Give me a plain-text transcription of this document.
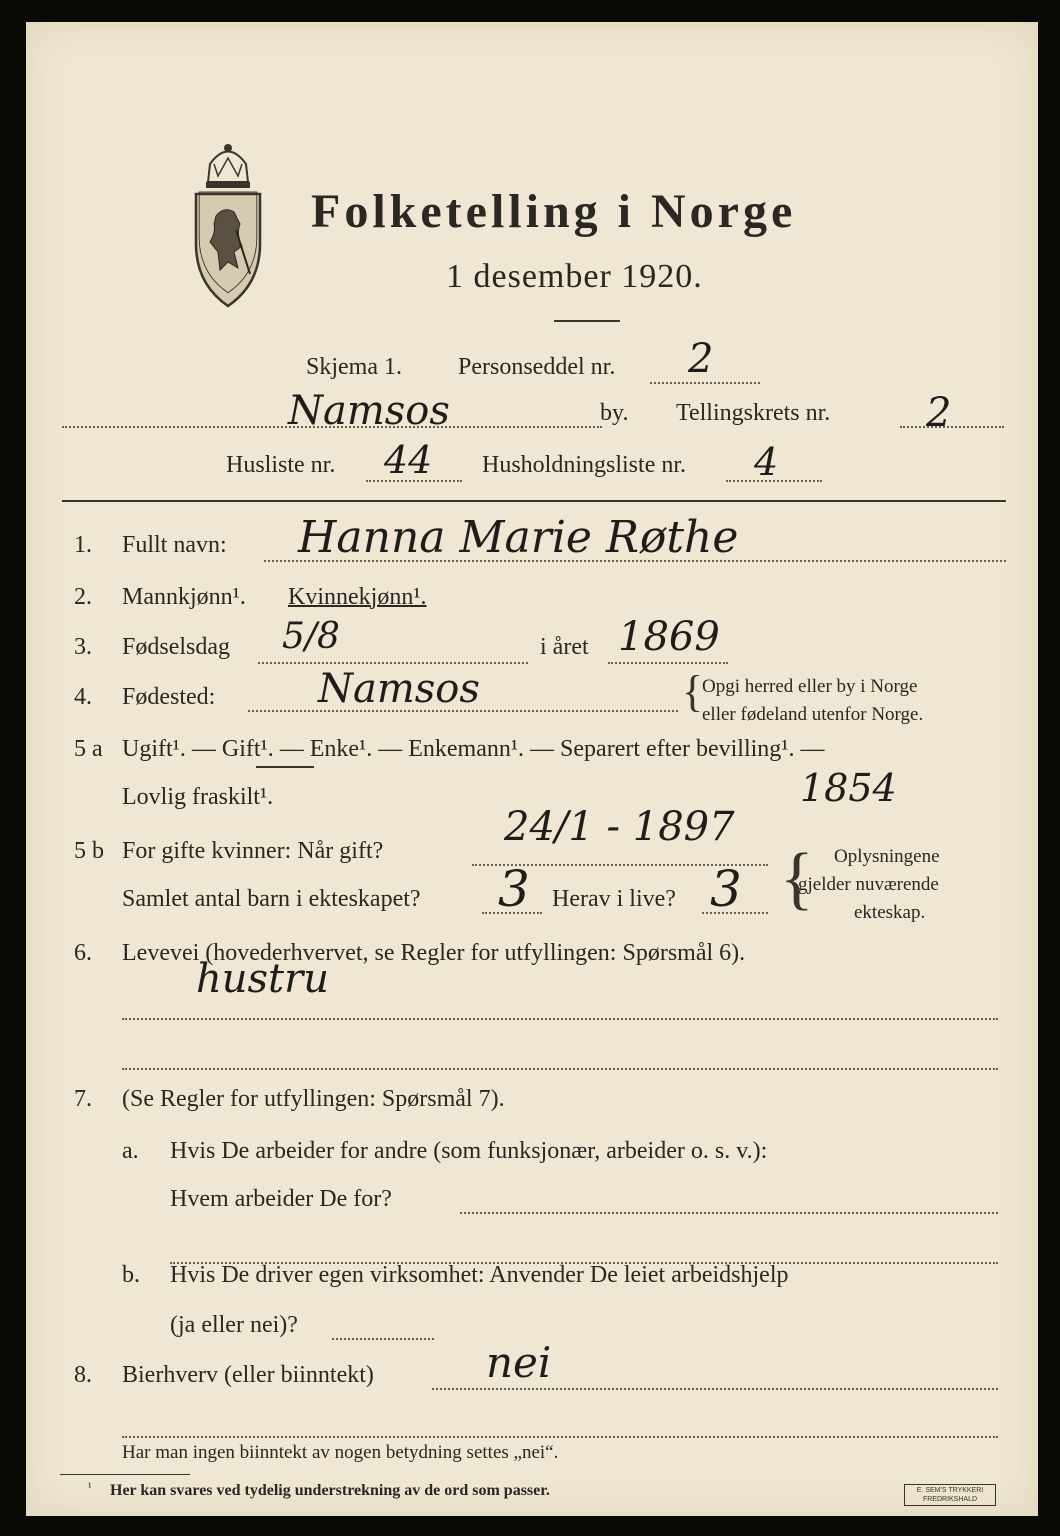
Folketelling i Norge
1 desember 1920.
Skjema 1. Personseddel nr. 2
Namsos	by. Tellingskrets nr. 2
Husliste nr. 44 Husholdningsliste nr. 4
1. Fullt navn: Hanna Marie Røthe
2. Mannkjønn¹. Kvinnekjønn¹.
3. Fødselsdag 5/8	i året 1869
4. Fødested:	Namsos	{
Opgi herred eller by i Norge
eller fødeland utenfor Norge.
5 a Ugift¹. — Gift¹. — Enke¹. — Enkemann¹. — Separert efter bevilling¹. —
Lovlig fraskilt¹.	1854
5 b For gifte kvinner: Når gift?
24/1 - 1897
Samlet antal barn i ekteskapet? 3 Herav i live? 3 { Oplysningene
gjelder nuværende
ekteskap.
6. Levevei (hovederhvervet, se Regler for utfyllingen: Spørsmål 6).
hustru
7. (Se Regler for utfyllingen: Spørsmål 7).
a. Hvis De arbeider for andre (som funksjonær, arbeider o. s. v.):
Hvem arbeider De for?
b. Hvis De driver egen virksomhet: Anvender De leiet arbeidshjelp
(ja eller nei)?
8. Bierhverv (eller biinntekt)	nei
Har man ingen biinntekt av nogen betydning settes „nei“.
¹ Her kan svares ved tydelig understrekning av de ord som passer.	E. SEM'S TRYKKERI FREDRIKSHALD
